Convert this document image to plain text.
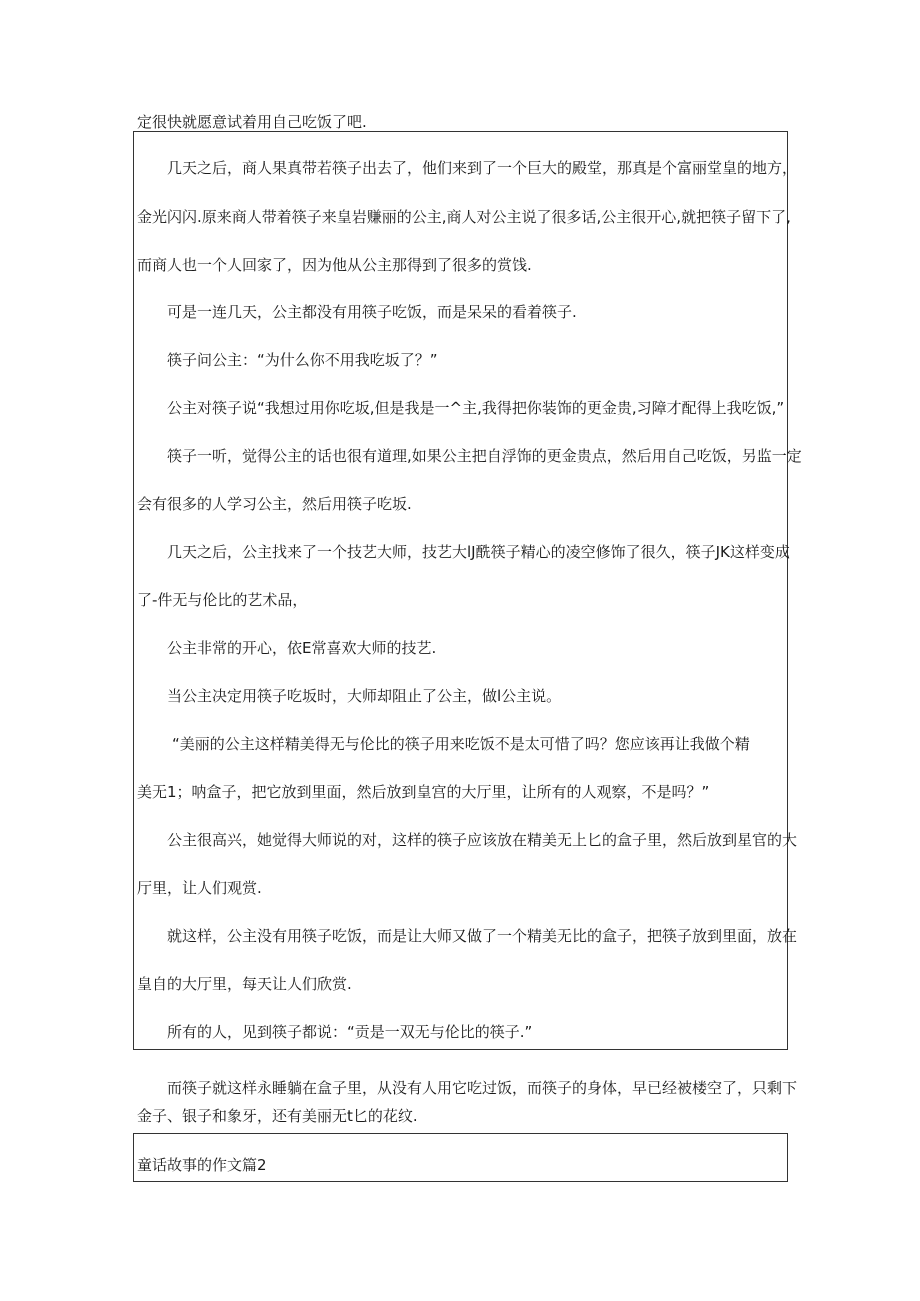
定很快就愿意试着用自己吃饭了吧.
几天之后，商人果真带若筷子出去了，他们来到了一个巨大的殿堂，那真是个富丽堂皇的地方，
金光闪闪.原来商人带着筷子来皇岩赚丽的公主,商人对公主说了很多话,公主很开心,就把筷子留下了,
而商人也一个人回家了，因为他从公主那得到了很多的赏饯.
可是一连几天，公主都没有用筷子吃饭，而是呆呆的看着筷子.
筷子问公主：“为什么你不用我吃坂了？”
公主对筷子说“我想过用你吃坂,但是我是一^主,我得把你装饰的更金贵,习障才配得上我吃饭,”
筷子一听，觉得公主的话也很有道理,如果公主把自浮饰的更金贵点，然后用自己吃饭，另监一定
会有很多的人学习公主，然后用筷子吃坂.
几天之后，公主找来了一个技艺大师，技艺大lJ酰筷子精心的凌空修饰了很久，筷子JK这样变成
了-件无与伦比的艺术品，
公主非常的开心，依E常喜欢大师的技艺.
当公主决定用筷子吃坂时，大师却阻止了公主，做l公主说。
“美丽的公主这样精美得无与伦比的筷子用来吃饭不是太可惜了吗？您应该再让我做个精
美无1；呐盒子，把它放到里面，然后放到皇宫的大厅里，让所有的人观察，不是吗？”
公主很高兴，她觉得大师说的对，这样的筷子应该放在精美无上匕的盒子里，然后放到星官的大
厅里，让人们观赏.
就这样，公主没有用筷子吃饭，而是让大师又做了一个精美无比的盒子，把筷子放到里面，放在
皇自的大厅里，每天让人们欣赏.
所有的人，见到筷子都说：“贡是一双无与伦比的筷子.”
而筷子就这样永睡躺在盒子里，从没有人用它吃过饭，而筷子的身体，早已经被楼空了，只剩下
金子、银子和象牙，还有美丽无t匕的花纹.
童话故事的作文篇2
